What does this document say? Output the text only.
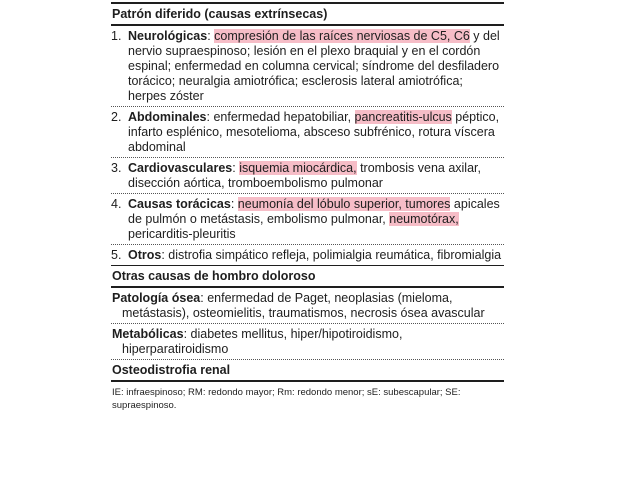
Patrón diferido (causas extrínsecas)
1. Neurológicas: compresión de las raíces nerviosas de C5, C6 y del nervio supraespinoso; lesión en el plexo braquial y en el cordón espinal; enfermedad en columna cervical; síndrome del desfiladero torácico; neuralgia amiotrófica; esclerosis lateral amiotrófica; herpes zóster
2. Abdominales: enfermedad hepatobiliar, pancreatitis-ulcus péptico, infarto esplénico, mesotelioma, absceso subfrénico, rotura víscera abdominal
3. Cardiovasculares: isquemia miocárdica, trombosis vena axilar, disección aórtica, tromboembolismo pulmonar
4. Causas torácicas: neumonía del lóbulo superior, tumores apicales de pulmón o metástasis, embolismo pulmonar, neumotórax, pericarditis-pleuritis
5. Otros: distrofia simpático refleja, polimialgia reumática, fibromialgia
Otras causas de hombro doloroso
Patología ósea: enfermedad de Paget, neoplasias (mieloma, metástasis), osteomielitis, traumatismos, necrosis ósea avascular
Metabólicas: diabetes mellitus, hiper/hipotiroidismo, hiperparatiroidismo
Osteodistrofia renal
IE: infraespinoso; RM: redondo mayor; Rm: redondo menor; sE: subescapular; SE: supraespinoso.
